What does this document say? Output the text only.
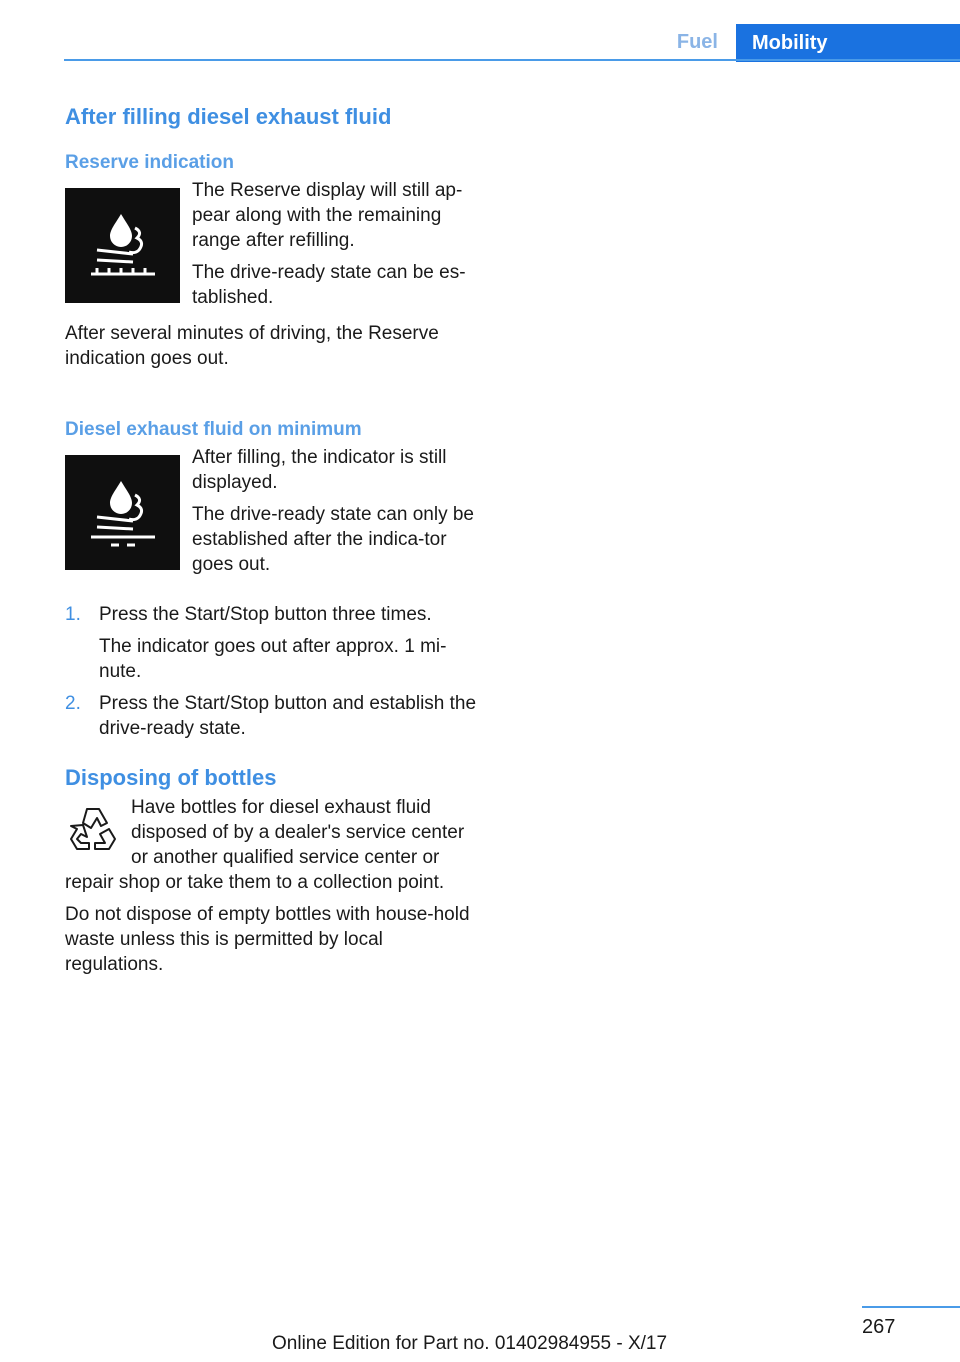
Fuel	Mobility
After filling diesel exhaust fluid
Reserve indication

The Reserve display will still ap‐pear along with the remaining range after refilling.

The drive-ready state can be es‐tablished.

After several minutes of driving, the Reserve indication goes out.

Diesel exhaust fluid on minimum

After filling, the indicator is still displayed.

The drive-ready state can only be established after the indica‐tor goes out.

1. Press the Start/Stop button three times.

The indicator goes out after approx. 1 mi‐nute.

2. Press the Start/Stop button and establish the drive-ready state.

Disposing of bottles

Have bottles for diesel exhaust fluid disposed of by a dealer's service center or another qualified service center or repair shop or take them to a collection point.

Do not dispose of empty bottles with house‐hold waste unless this is permitted by local regulations.

267
Online Edition for Part no. 01402984955 - X/17
